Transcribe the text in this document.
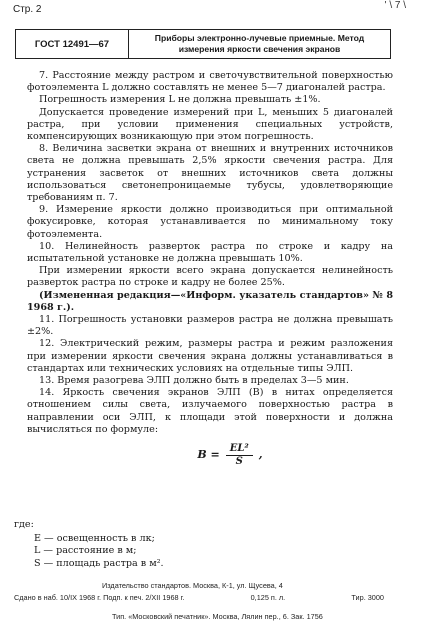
Стр. 2	' \ 7 \
ГОСТ 12491—67
Приборы электронно-лучевые приемные. Метод
измерения яркости свечения экранов

7. Расстояние между растром и светочувствительной поверхностью фотоэлемента L должно составлять не менее 5—7 диагоналей растра.

Погрешность измерения L не должна превышать ±1%.

Допускается проведение измерений при L, меньших 5 диагоналей растра, при условии применения специальных устройств, компенсирующих возникающую при этом погрешность.

8. Величина засветки экрана от внешних и внутренних источников света не должна превышать 2,5% яркости свечения растра. Для устранения засветок от внешних источников света должны использоваться светонепроницаемые тубусы, удовлетворяющие требованиям п. 7.

9. Измерение яркости должно производиться при оптимальной фокусировке, которая устанавливается по минимальному току фотоэлемента.

10. Нелинейность разверток растра по строке и кадру на испытательной установке не должна превышать 10%.

При измерении яркости всего экрана допускается нелинейность разверток растра по строке и кадру не более 25%.

(Измененная редакция—«Информ. указатель стандартов» № 8 1968 г.).

11. Погрешность установки размеров растра не должна превышать ±2%.

12. Электрический режим, размеры растра и режим разложения при измерении яркости свечения экрана должны устанавливаться в стандартах или технических условиях на отдельные типы ЭЛП.

13. Время разогрева ЭЛП должно быть в пределах 3—5 мин.

14. Яркость свечения экранов ЭЛП (B) в нитах определяется отношением силы света, излучаемого поверхностью растра в направлении оси ЭЛП, к площади этой поверхности и должна вычисляться по формуле:

$B = \frac{\text{EL²}}{S}$ ,
где:
E — освещенность в лк;
L — расстояние в м;
S — площадь растра в м².
Издательство стандартов. Москва, К-1, ул. Щусева, 4
Сдано в наб. 10/IX 1968 г. Подп. к печ. 2/XII 1968 г.	0,125 п. л.	Тир. 3000
Тип. «Московский печатник». Москва, Лялин пер., 6. Зак. 1756
